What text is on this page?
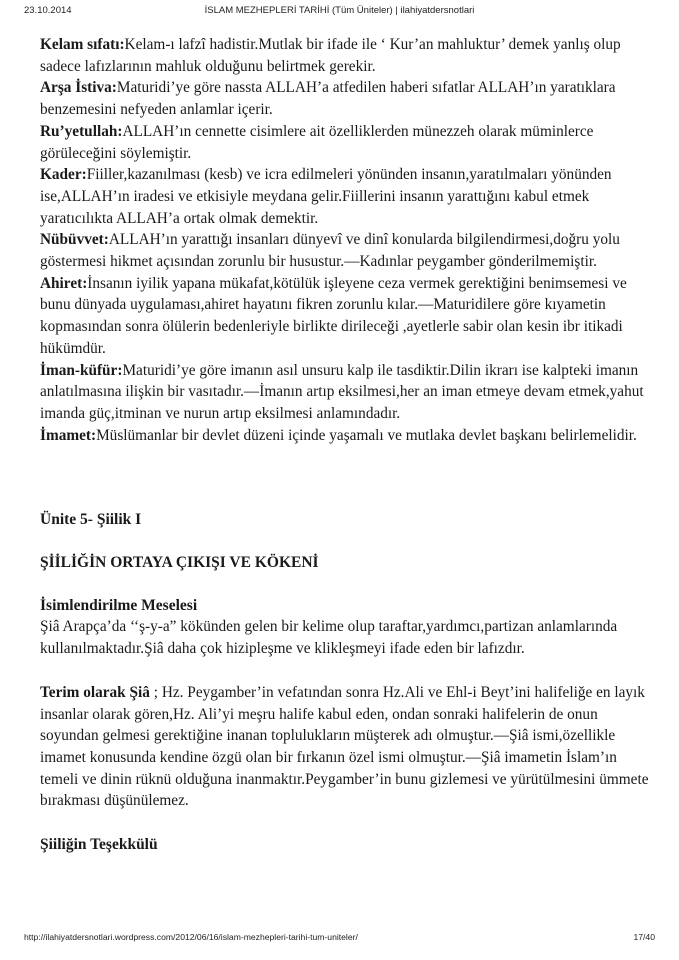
23.10.2014	İSLAM MEZHEPLERİ TARİHİ (Tüm Üniteler) | ilahiyatdersnotlari

Kelam sıfatı:Kelam-ı lafzî hadistir.Mutlak bir ifade ile ‘ Kur’an mahluktur’ demek yanlış olup sadece lafızlarının mahluk olduğunu belirtmek gerekir.

Arşa İstiva:Maturidi’ye göre nassta ALLAH’a atfedilen haberi sıfatlar ALLAH’ın yaratıklara benzemesini nefyeden anlamlar içerir.

Ru’yetullah:ALLAH’ın cennette cisimlere ait özelliklerden münezzeh olarak müminlerce görüleceğini söylemiştir.

Kader:Fiiller,kazanılması (kesb) ve icra edilmeleri yönünden insanın,yaratılmaları yönünden ise,ALLAH’ın iradesi ve etkisiyle meydana gelir.Fiillerini insanın yarattığını kabul etmek yaratıcılıkta ALLAH’a ortak olmak demektir.

Nübüvvet:ALLAH’ın yarattığı insanları dünyevî ve dinî konularda bilgilendirmesi,doğru yolu göstermesi hikmet açısından zorunlu bir husustur.—Kadınlar peygamber gönderilmemiştir.

Ahiret:İnsanın iyilik yapana mükafat,kötülük işleyene ceza vermek gerektiğini benimsemesi ve bunu dünyada uygulaması,ahiret hayatını fikren zorunlu kılar.—Maturidilere göre kıyametin kopmasından sonra ölülerin bedenleriyle birlikte dirileceği ,ayetlerle sabir olan kesin ibr itikadi hükümdür.

İman-küfür:Maturidi’ye göre imanın asıl unsuru kalp ile tasdiktir.Dilin ikrarı ise kalpteki imanın anlatılmasına ilişkin bir vasıtadır.—İmanın artıp eksilmesi,her an iman etmeye devam etmek,yahut imanda güç,itminan ve nurun artıp eksilmesi anlamındadır.

İmamet:Müslümanlar bir devlet düzeni içinde yaşamalı ve mutlaka devlet başkanı belirlemelidir.

Ünite 5- Şiilik I

ŞİİLİĞİN ORTAYA ÇIKIŞI VE KÖKENİ

İsimlendirilme Meselesi

Şiâ Arapça’da ‘‘ş-y-a” kökünden gelen bir kelime olup taraftar,yardımcı,partizan anlamlarında kullanılmaktadır.Şiâ daha çok hizipleşme ve klikleşmeyi ifade eden bir lafızdır.

Terim olarak Şiâ ; Hz. Peygamber’in vefatından sonra Hz.Ali ve Ehl-i Beyt’ini halifeliğe en layık insanlar olarak gören,Hz. Ali’yi meşru halife kabul eden, ondan sonraki halifelerin de onun soyundan gelmesi gerektiğine inanan toplulukların müşterek adı olmuştur.—Şiâ ismi,özellikle imamet konusunda kendine özgü olan bir fırkanın özel ismi olmuştur.—Şiâ imametin İslam’ın temeli ve dinin rüknü olduğuna inanmaktır.Peygamber’in bunu gizlemesi ve yürütülmesini ümmete bırakması düşünülemez.

Şiiliğin Teşekkülü

http://ilahiyatdersnotlari.wordpress.com/2012/06/16/islam-mezhepleri-tarihi-tum-uniteler/	17/40
